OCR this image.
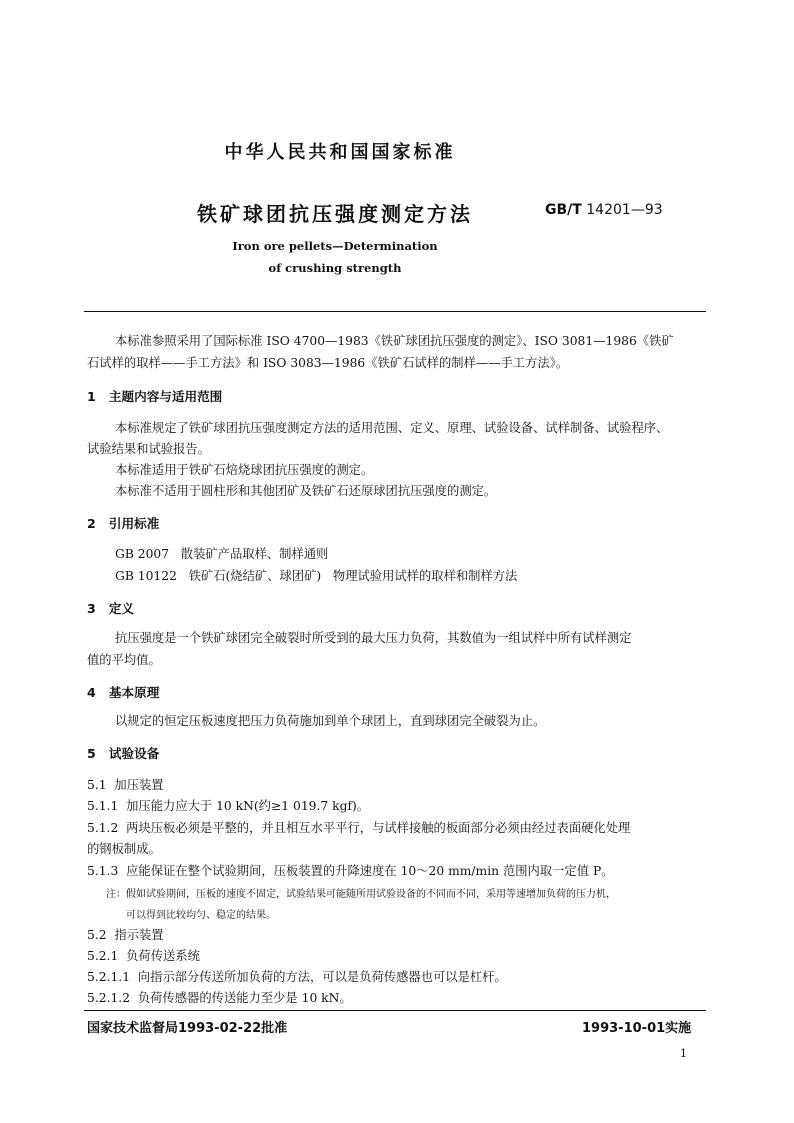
中华人民共和国国家标准
铁矿球团抗压强度测定方法	GB/T 14201—93
Iron ore pellets—Determination
of crushing strength
本标准参照采用了国际标准 ISO 4700—1983《铁矿球团抗压强度的测定》、ISO 3081—1986《铁矿
石试样的取样——手工方法》和 ISO 3083—1986《铁矿石试样的制样——手工方法》。
1 主题内容与适用范围
本标准规定了铁矿球团抗压强度测定方法的适用范围、定义、原理、试验设备、试样制备、试验程序、
试验结果和试验报告。
本标准适用于铁矿石焙烧球团抗压强度的测定。
本标准不适用于圆柱形和其他团矿及铁矿石还原球团抗压强度的测定。
2 引用标准
GB 2007   散装矿产品取样、制样通则
GB 10122   铁矿石(烧结矿、球团矿)   物理试验用试样的取样和制样方法
3 定义
抗压强度是一个铁矿球团完全破裂时所受到的最大压力负荷，其数值为一组试样中所有试样测定
值的平均值。
4 基本原理
以规定的恒定压板速度把压力负荷施加到单个球团上，直到球团完全破裂为止。
5 试验设备
5.1 加压装置
5.1.1 加压能力应大于 10 kN(约≥1 019.7 kgf)。
5.1.2 两块压板必须是平整的，并且相互水平平行，与试样接触的板面部分必须由经过表面硬化处理
的钢板制成。
5.1.3 应能保证在整个试验期间，压板装置的升降速度在 10～20 mm/min 范围内取一定值 P。
注：假如试验期间，压板的速度不固定，试验结果可能随所用试验设备的不同而不同，采用等速增加负荷的压力机，
可以得到比较均匀、稳定的结果。
5.2 指示装置
5.2.1 负荷传送系统
5.2.1.1 向指示部分传送所加负荷的方法，可以是负荷传感器也可以是杠杆。
5.2.1.2 负荷传感器的传送能力至少是 10 kN。
国家技术监督局1993-02-22批准	1993-10-01实施
1
